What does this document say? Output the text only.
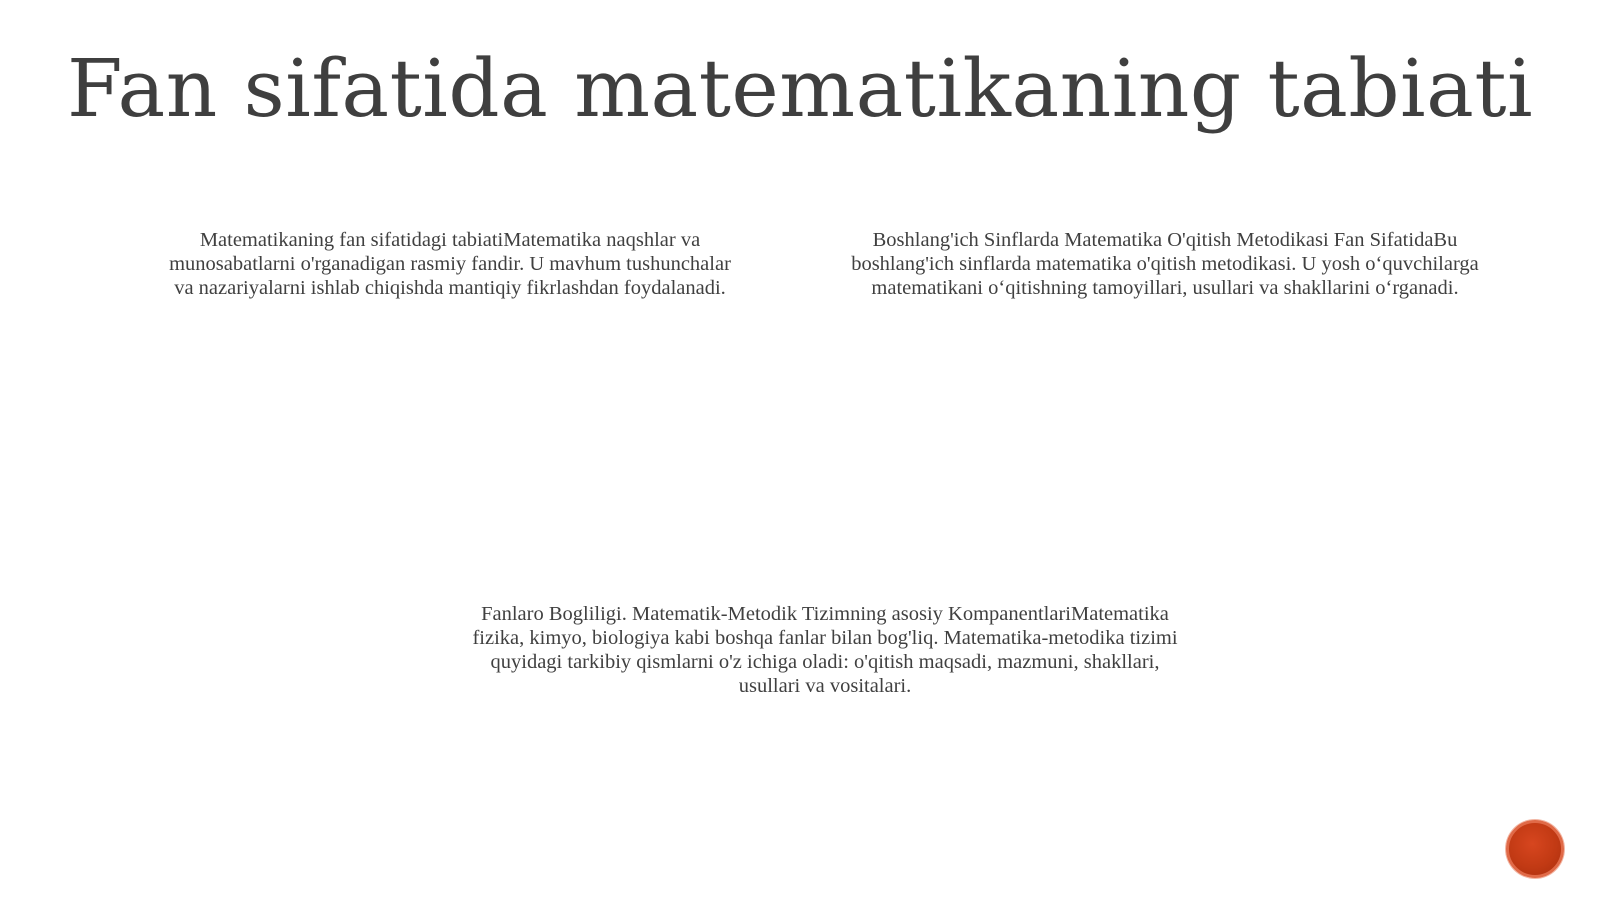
Fan sifatida matematikaning tabiati
Matematikaning fan sifatidagi tabiatiMatematika naqshlar va munosabatlarni o'rganadigan rasmiy fandir. U mavhum tushunchalar va nazariyalarni ishlab chiqishda mantiqiy fikrlashdan foydalanadi.
Boshlang'ich Sinflarda Matematika O'qitish Metodikasi Fan SifatidaBu boshlang'ich sinflarda matematika o'qitish metodikasi. U yosh o‘quvchilarga matematikani o‘qitishning tamoyillari, usullari va shakllarini o‘rganadi.
Fanlaro Bogliligi. Matematik-Metodik Tizimning asosiy KompanentlariMatematika fizika, kimyo, biologiya kabi boshqa fanlar bilan bog'liq. Matematika-metodika tizimi quyidagi tarkibiy qismlarni o'z ichiga oladi: o'qitish maqsadi, mazmuni, shakllari, usullari va vositalari.
